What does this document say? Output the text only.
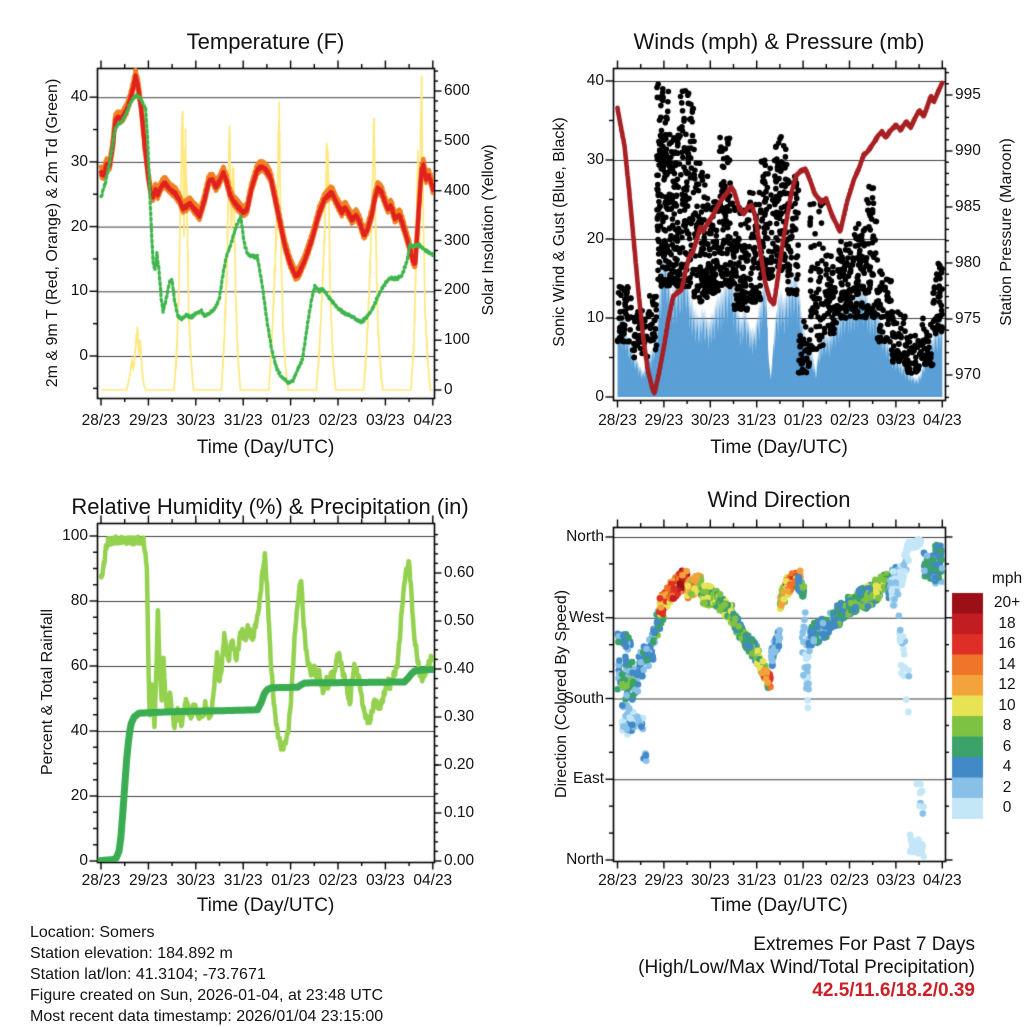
Temperature (F)	Winds (mph) & Pressure (mb)
Relative Humidity (%) & Precipitation (in)	Wind Direction
Time (Day/UTC)	Time (Day/UTC)
Time (Day/UTC)	Time (Day/UTC)
2m & 9m T (Red, Orange) & 2m Td (Green)	Solar Insolation (Yellow)	Sonic Wind & Gust (Blue, Black)	Station Pressure (Maroon)
Percent & Total Rainfall	Direction (Colored By Speed)
mph
28/23 29/23 30/23 31/23 01/23 02/23 03/23 04/23	28/23 29/23 30/23 31/23 01/23 02/23 03/23 04/23
28/23 29/23 30/23 31/23 01/23 02/23 03/23 04/23	28/23 29/23 30/23 31/23 01/23 02/23 03/23 04/23
40
30
20
10
0
600
500
400
300
200
100
0
40
30
20
10
0
995
990
985
980
975
970
100
80
60
40
20
0
0.60
0.50
0.40
0.30
0.20
0.10
0.00
North
West
South
East
North
20+
18
16
14
12
10
8
6
4
2
0
Location: Somers
Station elevation: 184.892 m
Station lat/lon: 41.3104; -73.7671
Figure created on Sun, 2026-01-04, at 23:48 UTC
Most recent data timestamp: 2026/01/04 23:15:00
Extremes For Past 7 Days
(High/Low/Max Wind/Total Precipitation)
42.5/11.6/18.2/0.39
